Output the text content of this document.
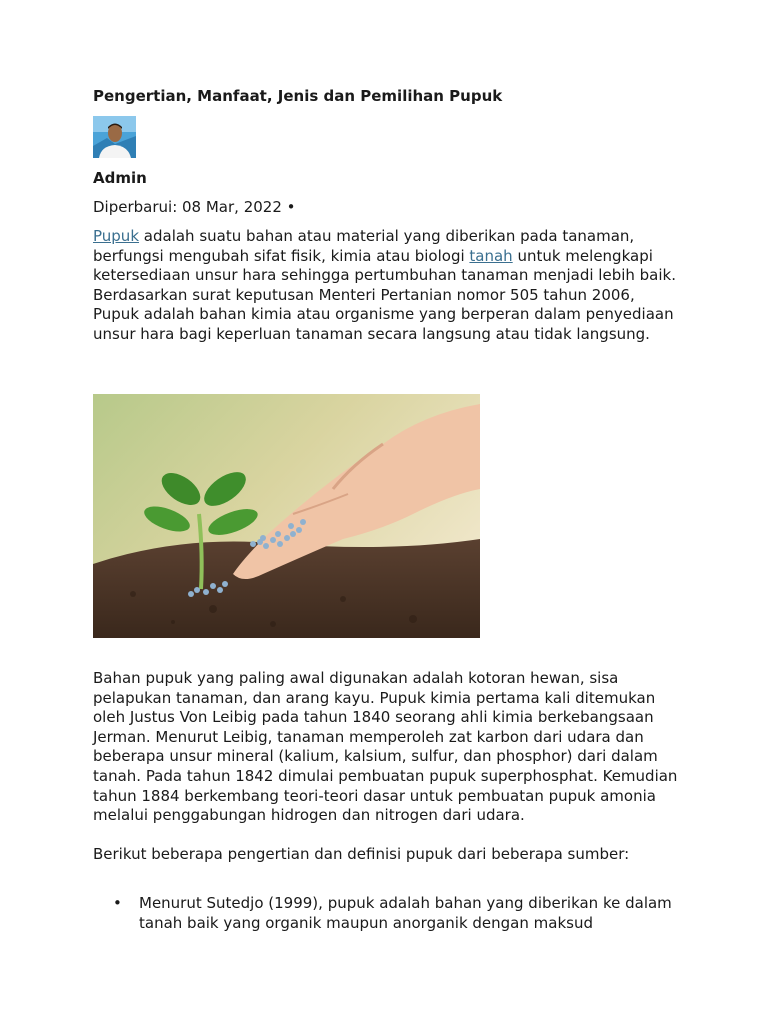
Pengertian, Manfaat, Jenis dan Pemilihan Pupuk
Admin
Diperbarui: 08 Mar, 2022 •

Pupuk adalah suatu bahan atau material yang diberikan pada tanaman, berfungsi mengubah sifat fisik, kimia atau biologi tanah untuk melengkapi ketersediaan unsur hara sehingga pertumbuhan tanaman menjadi lebih baik. Berdasarkan surat keputusan Menteri Pertanian nomor 505 tahun 2006, Pupuk adalah bahan kimia atau organisme yang berperan dalam penyediaan unsur hara bagi keperluan tanaman secara langsung atau tidak langsung.

Bahan pupuk yang paling awal digunakan adalah kotoran hewan, sisa pelapukan tanaman, dan arang kayu. Pupuk kimia pertama kali ditemukan oleh Justus Von Leibig pada tahun 1840 seorang ahli kimia berkebangsaan Jerman. Menurut Leibig, tanaman memperoleh zat karbon dari udara dan beberapa unsur mineral (kalium, kalsium, sulfur, dan phosphor) dari dalam tanah. Pada tahun 1842 dimulai pembuatan pupuk superphosphat. Kemudian tahun 1884 berkembang teori-teori dasar untuk pembuatan pupuk amonia melalui penggabungan hidrogen dan nitrogen dari udara.

Berikut beberapa pengertian dan definisi pupuk dari beberapa sumber:

• Menurut Sutedjo (1999), pupuk adalah bahan yang diberikan ke dalam tanah baik yang organik maupun anorganik dengan maksud
